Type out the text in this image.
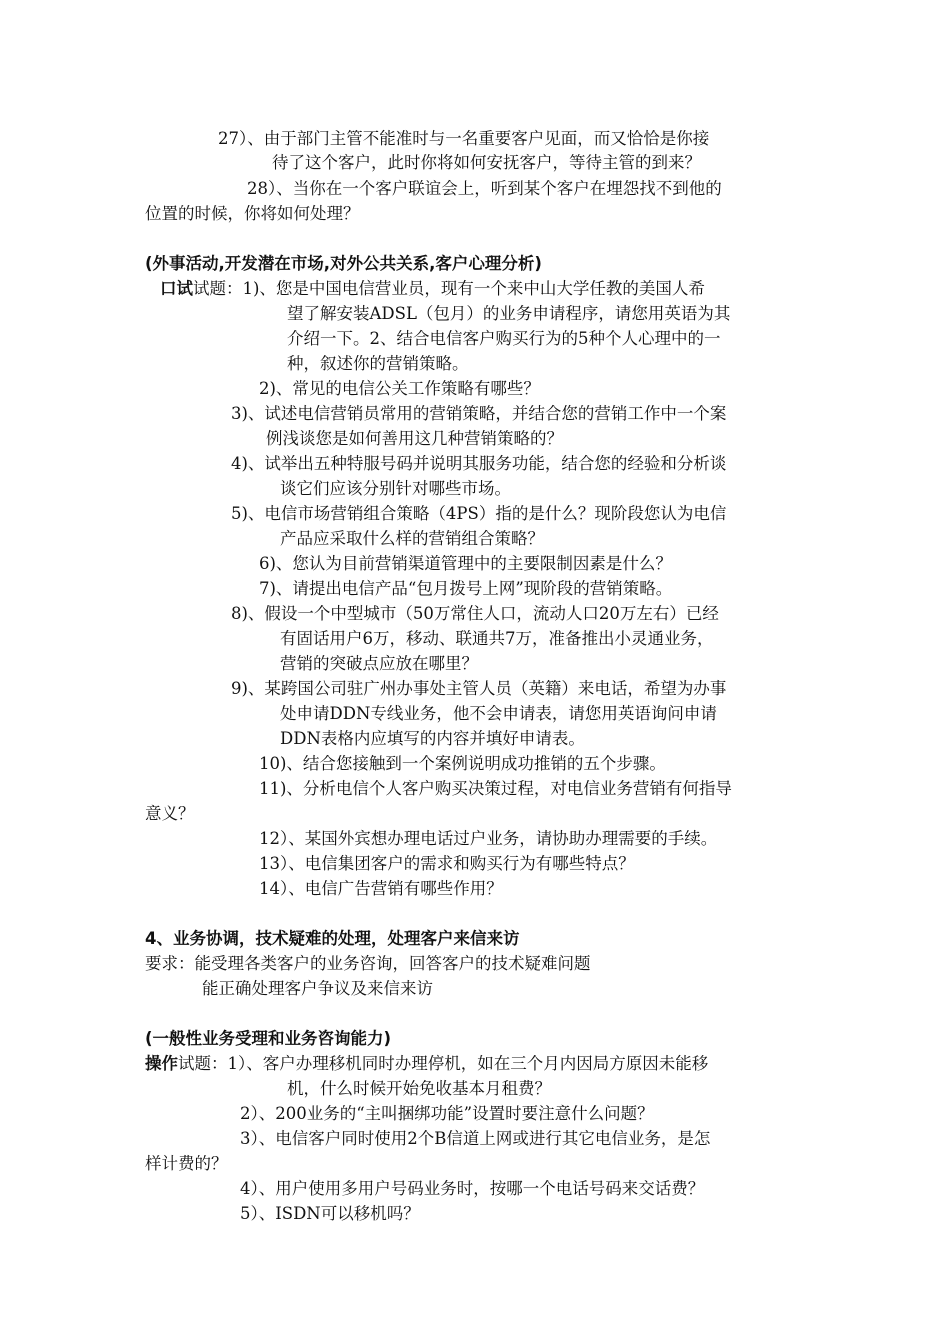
27）、由于部门主管不能准时与一名重要客户见面，而又恰恰是你接
待了这个客户，此时你将如何安抚客户，等待主管的到来？
28）、当你在一个客户联谊会上，听到某个客户在埋怨找不到他的
位置的时候，你将如何处理？
(外事活动,开发潜在市场,对外公共关系,客户心理分析)
口试试题：1)、您是中国电信营业员，现有一个来中山大学任教的美国人希
望了解安装ADSL（包月）的业务申请程序，请您用英语为其
介绍一下。2、结合电信客户购买行为的5种个人心理中的一
种，叙述你的营销策略。
2)、常见的电信公关工作策略有哪些？
3)、试述电信营销员常用的营销策略，并结合您的营销工作中一个案
例浅谈您是如何善用这几种营销策略的？
4)、试举出五种特服号码并说明其服务功能，结合您的经验和分析谈
谈它们应该分别针对哪些市场。
5)、电信市场营销组合策略（4PS）指的是什么？现阶段您认为电信
产品应采取什么样的营销组合策略？
6)、您认为目前营销渠道管理中的主要限制因素是什么？
7)、请提出电信产品“包月拨号上网”现阶段的营销策略。
8)、假设一个中型城市（50万常住人口，流动人口20万左右）已经
有固话用户6万，移动、联通共7万，准备推出小灵通业务，
营销的突破点应放在哪里？
9)、某跨国公司驻广州办事处主管人员（英籍）来电话，希望为办事
处申请DDN专线业务，他不会申请表，请您用英语询问申请
DDN表格内应填写的内容并填好申请表。
10)、结合您接触到一个案例说明成功推销的五个步骤。
11)、分析电信个人客户购买决策过程，对电信业务营销有何指导
意义？
12）、某国外宾想办理电话过户业务，请协助办理需要的手续。
13）、电信集团客户的需求和购买行为有哪些特点？
14）、电信广告营销有哪些作用？
4、业务协调，技术疑难的处理，处理客户来信来访
要求：能受理各类客户的业务咨询，回答客户的技术疑难问题
能正确处理客户争议及来信来访
(一般性业务受理和业务咨询能力)
操作试题：1）、客户办理移机同时办理停机，如在三个月内因局方原因未能移
机，什么时候开始免收基本月租费？
2）、200业务的“主叫捆绑功能”设置时要注意什么问题？
3）、电信客户同时使用2个B信道上网或进行其它电信业务，是怎
样计费的？
4）、用户使用多用户号码业务时，按哪一个电话号码来交话费？
5）、ISDN可以移机吗？
